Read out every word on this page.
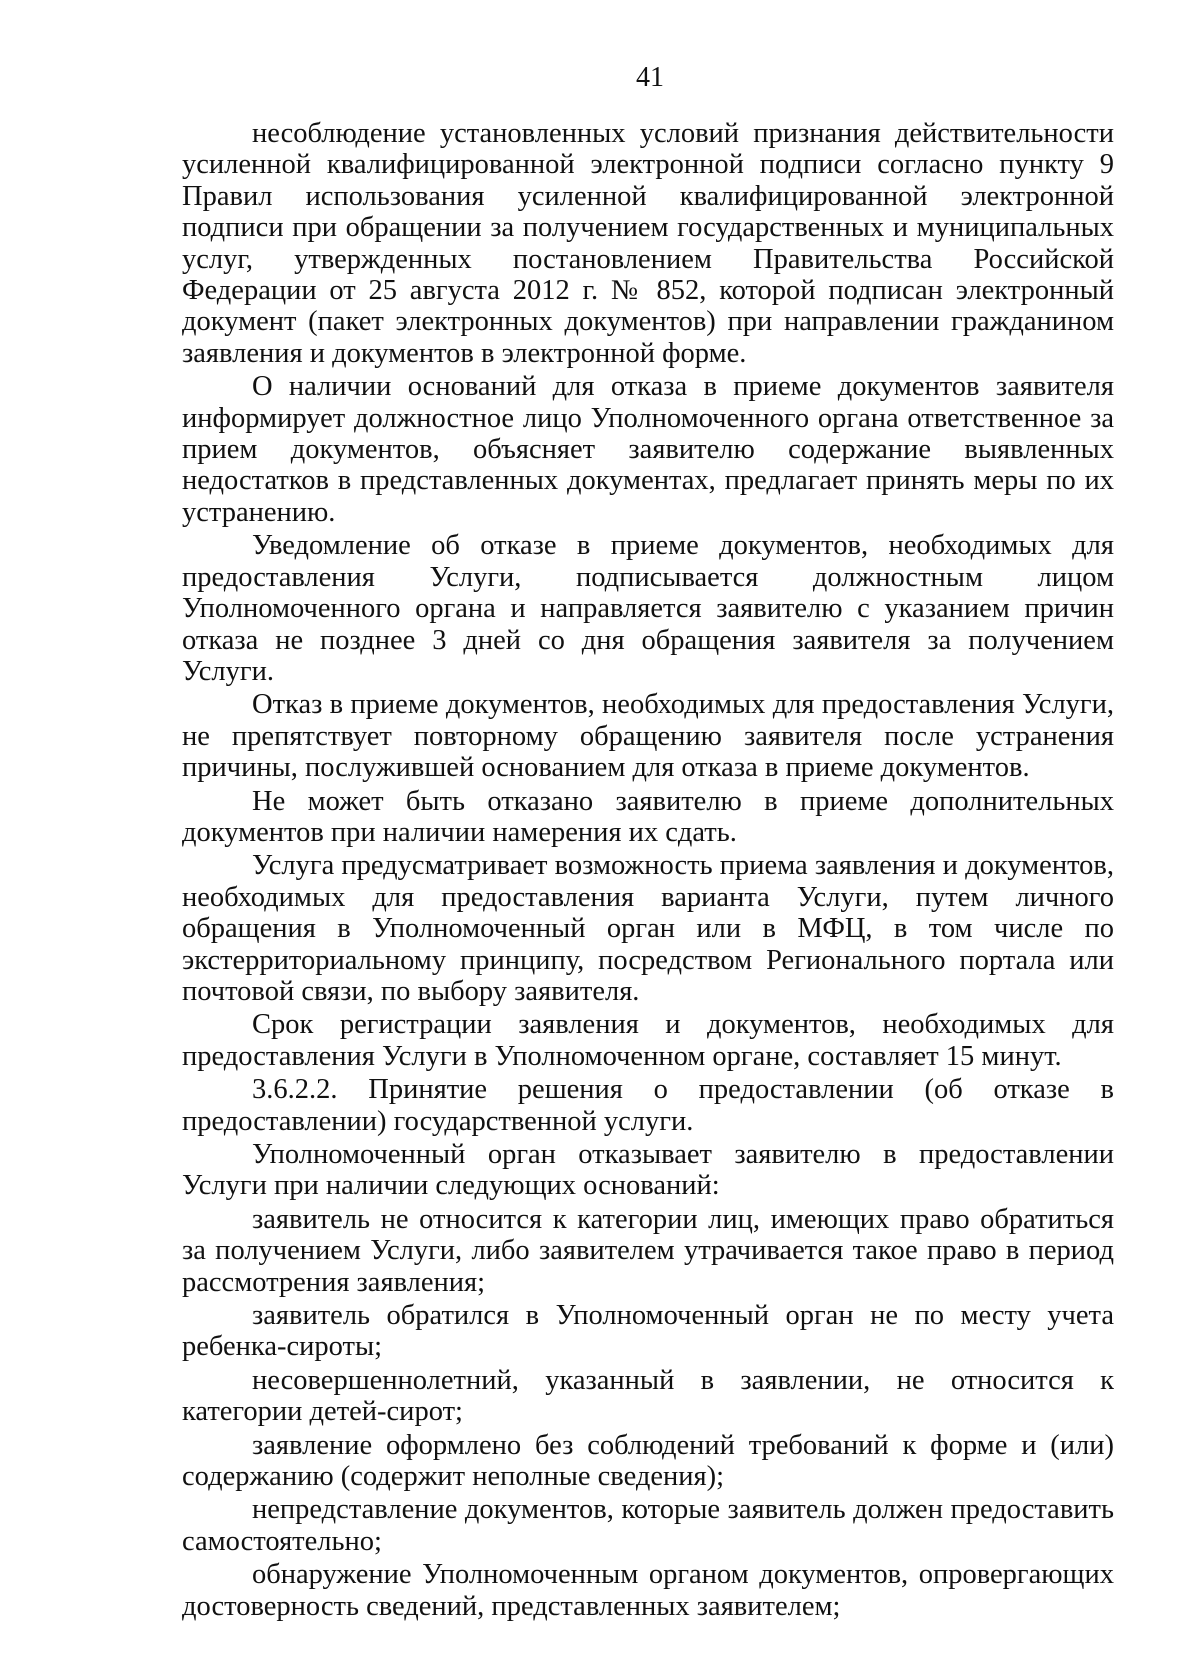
41

несоблюдение установленных условий признания действительности усиленной квалифицированной электронной подписи согласно пункту 9 Правил использования усиленной квалифицированной электронной подписи при обращении за получением государственных и муниципальных услуг, утвержденных постановлением Правительства Российской Федерации от 25 августа 2012 г. № 852, которой подписан электронный документ (пакет электронных документов) при направлении гражданином заявления и документов в электронной форме.

О наличии оснований для отказа в приеме документов заявителя информирует должностное лицо Уполномоченного органа ответственное за прием документов, объясняет заявителю содержание выявленных недостатков в представленных документах, предлагает принять меры по их устранению.

Уведомление об отказе в приеме документов, необходимых для предоставления Услуги, подписывается должностным лицом Уполномоченного органа и направляется заявителю с указанием причин отказа не позднее 3 дней со дня обращения заявителя за получением Услуги.

Отказ в приеме документов, необходимых для предоставления Услуги, не препятствует повторному обращению заявителя после устранения причины, послужившей основанием для отказа в приеме документов.

Не может быть отказано заявителю в приеме дополнительных документов при наличии намерения их сдать.

Услуга предусматривает возможность приема заявления и документов, необходимых для предоставления варианта Услуги, путем личного обращения в Уполномоченный орган или в МФЦ, в том числе по экстерриториальному принципу, посредством Регионального портала или почтовой связи, по выбору заявителя.

Срок регистрации заявления и документов, необходимых для предоставления Услуги в Уполномоченном органе, составляет 15 минут.

3.6.2.2. Принятие решения о предоставлении (об отказе в предоставлении) государственной услуги.

Уполномоченный орган отказывает заявителю в предоставлении Услуги при наличии следующих оснований:

заявитель не относится к категории лиц, имеющих право обратиться за получением Услуги, либо заявителем утрачивается такое право в период рассмотрения заявления;

заявитель обратился в Уполномоченный орган не по месту учета ребенка-сироты;

несовершеннолетний, указанный в заявлении, не относится к категории детей-сирот;

заявление оформлено без соблюдений требований к форме и (или) содержанию (содержит неполные сведения);

непредставление документов, которые заявитель должен предоставить самостоятельно;

обнаружение Уполномоченным органом документов, опровергающих достоверность сведений, представленных заявителем;
